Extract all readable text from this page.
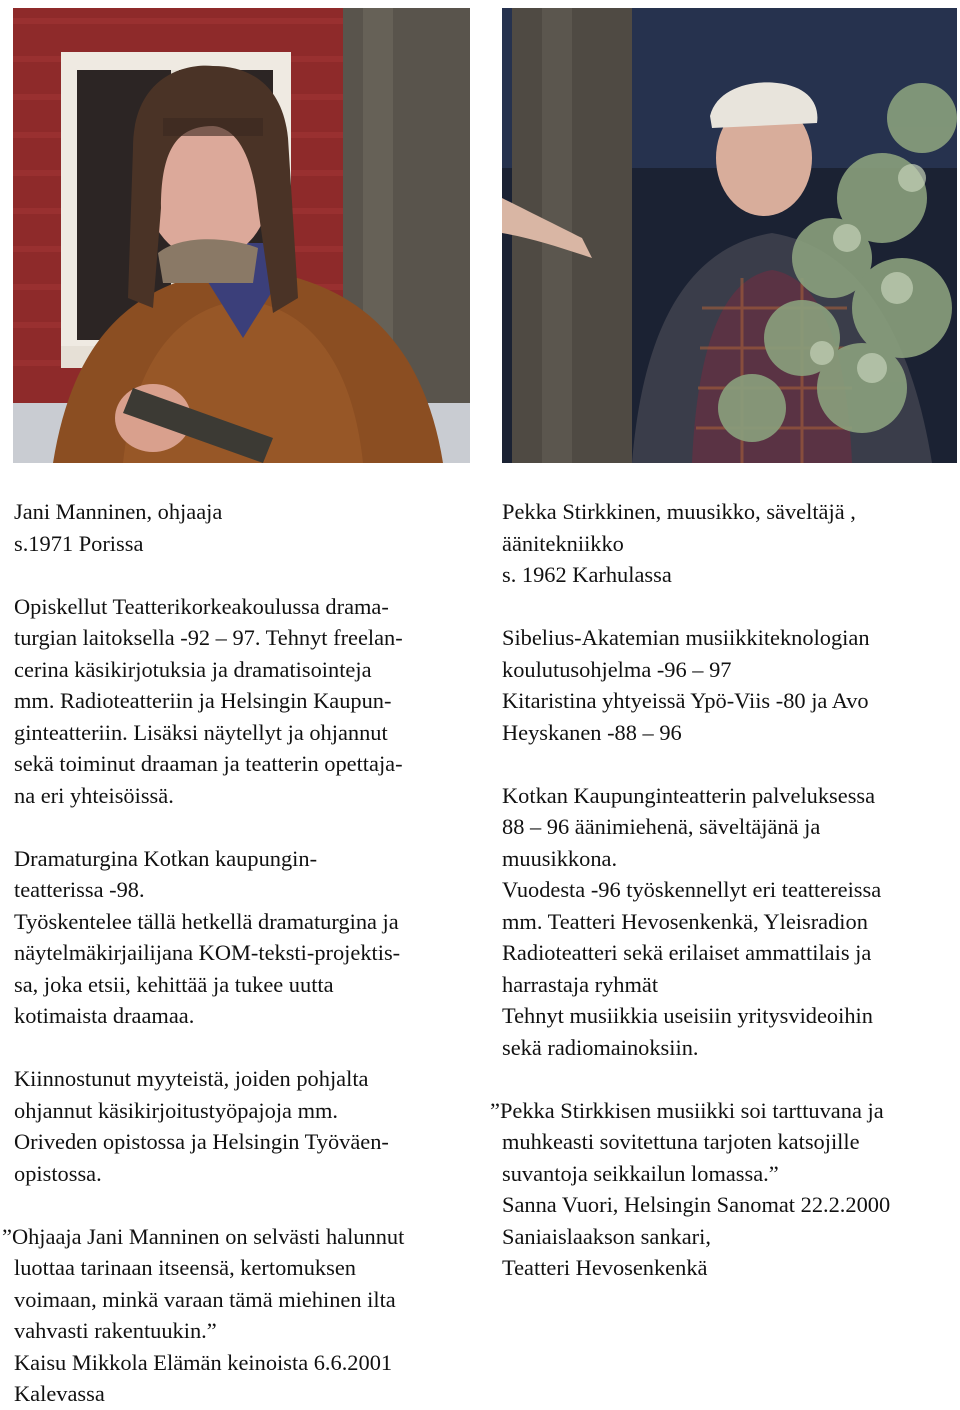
Jani Manninen, ohjaaja

s.1971 Porissa

Opiskellut Teatterikorkeakoulussa drama-

turgian laitoksella -92 – 97. Tehnyt freelan-

cerina käsikirjotuksia ja dramatisointeja

mm. Radioteatteriin ja Helsingin Kaupun-

ginteatteriin. Lisäksi näytellyt ja ohjannut

sekä toiminut draaman ja teatterin opettaja-

na eri yhteisöissä.

Dramaturgina Kotkan kaupungin-

teatterissa -98.

Työskentelee tällä hetkellä dramaturgina ja

näytelmäkirjailijana KOM-teksti-projektis-

sa, joka etsii, kehittää ja tukee uutta

kotimaista draamaa.

Kiinnostunut myyteistä, joiden pohjalta

ohjannut käsikirjoitustyöpajoja mm.

Oriveden opistossa ja Helsingin Työväen-

opistossa.

”Ohjaaja Jani Manninen on selvästi halunnut

luottaa tarinaan itseensä, kertomuksen

voimaan, minkä varaan tämä miehinen ilta

vahvasti rakentuukin.”

Kaisu Mikkola Elämän keinoista 6.6.2001

Kalevassa

Pekka Stirkkinen, muusikko, säveltäjä ,

äänitekniikko

s. 1962 Karhulassa

Sibelius-Akatemian musiikkiteknologian

koulutusohjelma -96 – 97

Kitaristina yhtyeissä Ypö-Viis -80 ja Avo

Heyskanen -88 – 96

Kotkan Kaupunginteatterin palveluksessa

88 – 96 äänimiehenä, säveltäjänä ja

muusikkona.

Vuodesta -96 työskennellyt eri teattereissa

mm. Teatteri Hevosenkenkä, Yleisradion

Radioteatteri sekä erilaiset ammattilais ja

harrastaja ryhmät

Tehnyt musiikkia useisiin yritysvideoihin

sekä radiomainoksiin.

”Pekka Stirkkisen musiikki soi tarttuvana ja

muhkeasti sovitettuna tarjoten katsojille

suvantoja seikkailun lomassa.”

Sanna Vuori, Helsingin Sanomat 22.2.2000

Saniaislaakson sankari,

Teatteri Hevosenkenkä
